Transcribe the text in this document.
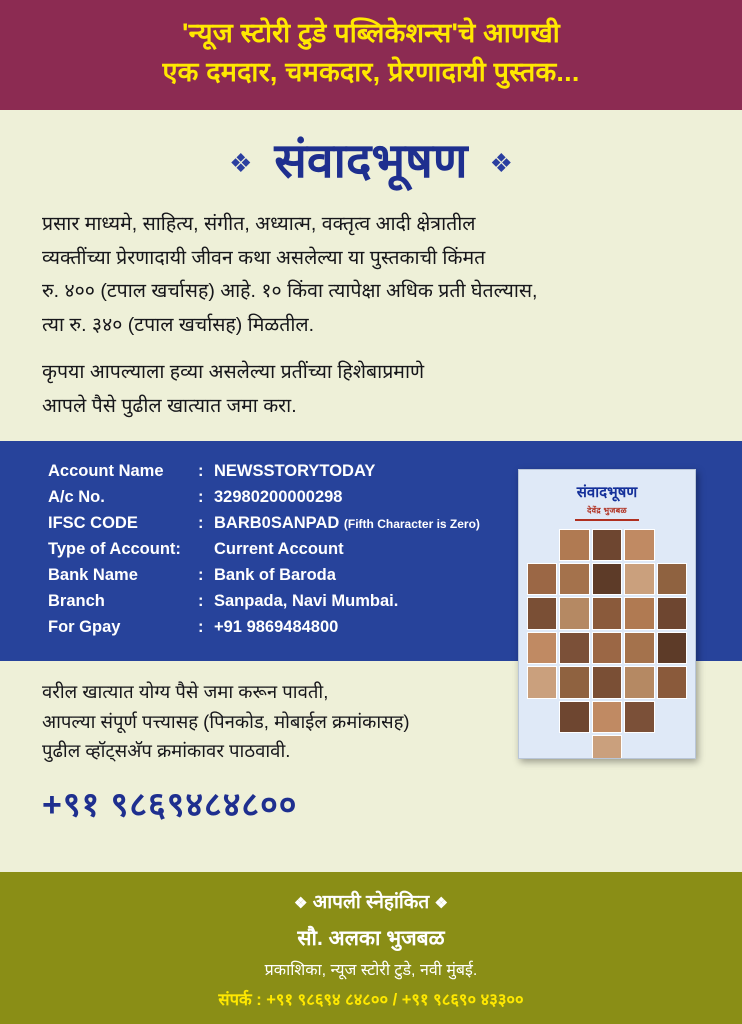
'न्यूज स्टोरी टुडे पब्लिकेशन्स'चे आणखी
एक दमदार, चमकदार, प्रेरणादायी पुस्तक...
❖ संवादभूषण ❖

प्रसार माध्यमे, साहित्य, संगीत, अध्यात्म, वक्तृत्व आदी क्षेत्रातील

व्यक्तींच्या प्रेरणादायी जीवन कथा असलेल्या या पुस्तकाची किंमत

रु. ४०० (टपाल खर्चासह) आहे. १० किंवा त्यापेक्षा अधिक प्रती घेतल्यास,

त्या रु. ३४० (टपाल खर्चासह) मिळतील.

कृपया आपल्याला हव्या असलेल्या प्रतींच्या हिशेबाप्रमाणे

आपले पैसे पुढील खात्यात जमा करा.

Account Name	:	NEWSSTORYTODAY
A/c No.	:	32980200000298
IFSC CODE	:	BARB0SANPAD (Fifth Character is Zero)
Type of Account:		Current Account
Bank Name	:	Bank of Baroda
Branch	:	Sanpada, Navi Mumbai.
For Gpay	:	+91 9869484800
संवादभूषण
देवेंद्र भुजबळ

वरील खात्यात योग्य पैसे जमा करून पावती,

आपल्या संपूर्ण पत्त्यासह (पिनकोड, मोबाईल क्रमांकासह)

पुढील व्हॉट्सअ‍ॅप क्रमांकावर पाठवावी.

+९१ ९८६९४८४८००
❖ आपली स्नेहांकित ❖
सौ. अलका भुजबळ
प्रकाशिका, न्यूज स्टोरी टुडे, नवी मुंबई.
संपर्क : +९१ ९८६९४ ८४८०० / +९१ ९८६९० ४३३००
